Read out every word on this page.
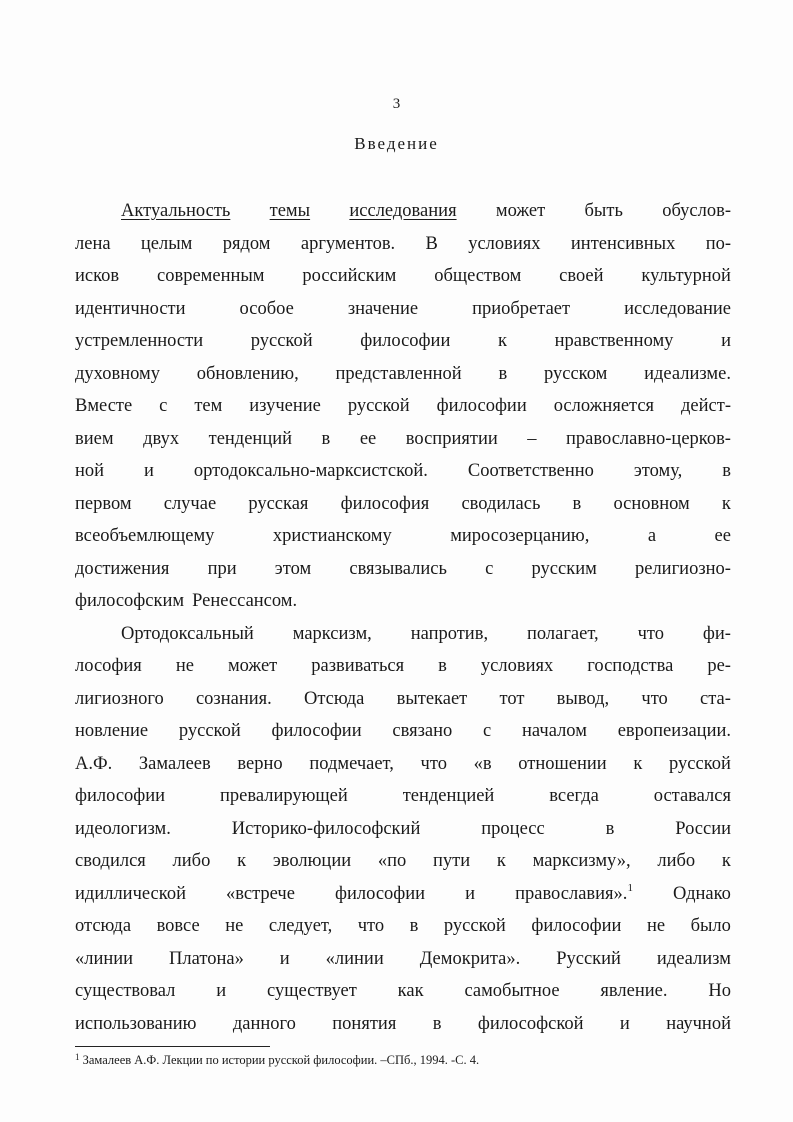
3
Введение
Актуальность темы исследования может быть обуслов-
лена целым рядом аргументов. В условиях интенсивных по-
исков современным российским обществом своей культурной
идентичности	особое	значение	приобретает	исследование
устремленности	русской	философии	к	нравственному	и
духовному обновлению, представленной в русском идеализме.
Вместе с тем изучение русской философии осложняется дейст-
вием двух тенденций в ее восприятии – православно-церков-
ной и ортодоксально-марксистской. Соответственно этому, в
первом случае русская философия сводилась в основном к
всеобъемлющему	христианскому	миросозерцанию,	а	ее
достижения при этом связывались с русским религиозно-
философским Ренессансом.
Ортодоксальный марксизм, напротив, полагает, что фи-
лософия не может развиваться в условиях господства ре-
лигиозного сознания. Отсюда вытекает тот вывод, что ста-
новление русской философии связано с началом европеизации.
А.Ф. Замалеев верно подмечает, что «в отношении к русской
философии	превалирующей	тенденцией	всегда	оставался
идеологизм.	Историко-философский	процесс	в	России
сводился либо к эволюции «по пути к марксизму», либо к
идиллической «встрече философии и православия».$^1$ Однако
отсюда вовсе не следует, что в русской философии не было
«линии Платона» и «линии Демокрита». Русский идеализм
существовал и существует как самобытное явление. Но
использованию данного понятия в философской и научной
$^1$ Замалеев А.Ф. Лекции по истории русской философии. –СПб., 1994. -С. 4.
